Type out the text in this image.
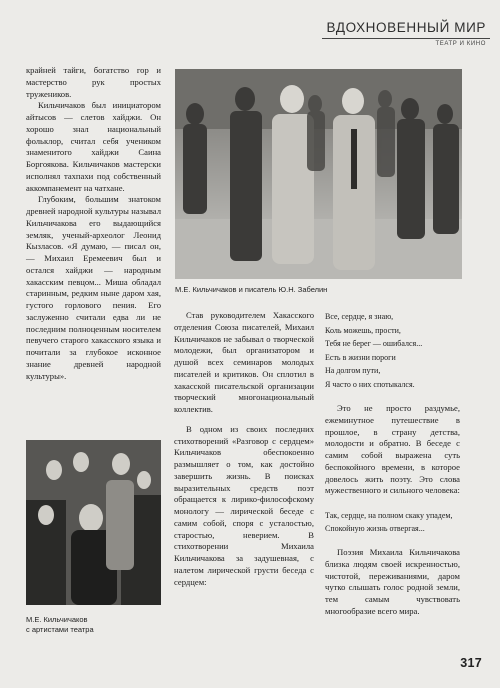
ВДОХНОВЕННЫЙ МИР
ТЕАТР И КИНО

крайней тайги, богатство гор и мастерство рук простых тружеников.

Кильчичаков был инициатором айтысов — слетов хайджи. Он хорошо знал национальный фольклор, считал себя учеником знаменитого хайджи Саина Боргоякова. Кильчичаков мастерски исполнял тахпахи под собственный аккомпанемент на чатхане.

Глубоким, большим знатоком древней народной культуры называл Кильчичакова его выдающийся земляк, ученый-археолог Леонид Кызласов. «Я думаю, — писал он, — Михаил Еремеевич был и остался хайджи — народным хакасским певцом... Миша обладал старинным, редким ныне даром хая, густого горлового пения. Его заслуженно считали едва ли не последним полноценным носителем певучего старого хакасского языка и почитали за глубокое исконное знание древней народной культуры».

М.Е. Кильчичаков и писатель Ю.Н. Забелин

Став руководителем Хакасского отделения Союза писателей, Михаил Кильчичаков не забывал о творческой молодежи, был организатором и душой всех семинаров молодых писателей и критиков. Он сплотил в хакасской писательской организации творческий многонациональный коллектив.

В одном из своих последних стихотворений «Разговор с сердцем» Кильчичаков обеспокоенно размышляет о том, как достойно завершить жизнь. В поисках выразительных средств поэт обращается к лирико-философскому монологу — лирической беседе с самим собой, споря с усталостью, старостью, неверием. В стихотворении Михаила Кильчичакова за задушевная, с налетом лирической грусти беседа с сердцем:

Все, сердце, я знаю,

Коль можешь, прости,

Тебя не берег — ошибался...

Есть в жизни пороги

На долгом пути,

Я часто о них спотыкался.

Это не просто раздумье, ежеминутное путешествие в прошлое, в страну детства, молодости и обратно. В беседе с самим собой выражена суть беспокойного времени, в которое довелось жить поэту. Это слова мужественного и сильного человека:

Так, сердце, на полном скаку упадем,

Спокойную жизнь отвергая...

Поэзия Михаила Кильчичакова близка людям своей искренностью, чистотой, переживаниями, даром чутко слышать голос родной земли, тем самым чувствовать многообразие всего мира.

М.Е. Кильчичаков
с артистами театра
317
